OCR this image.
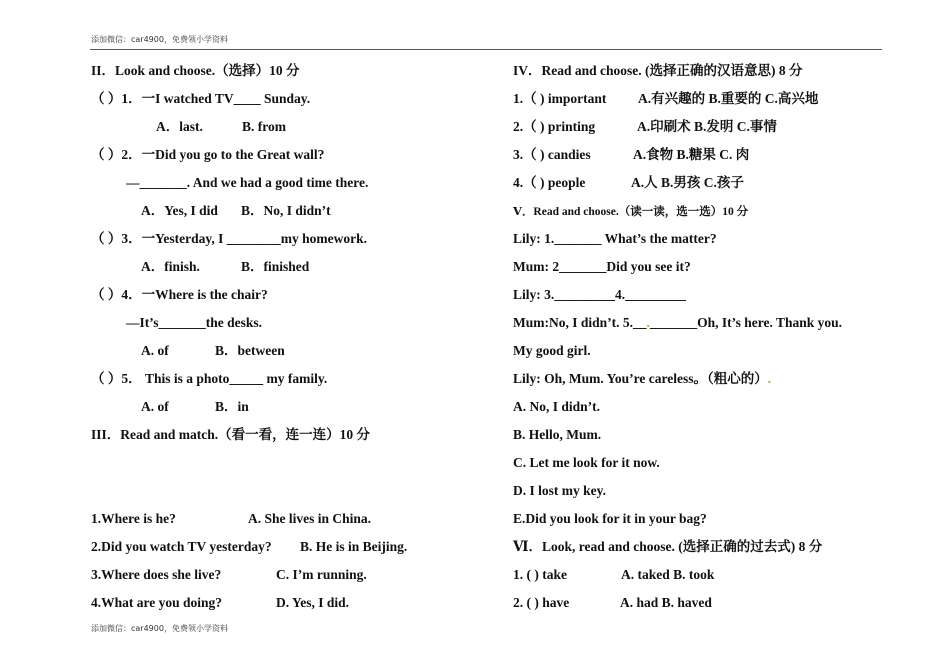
添加微信：car4900，免费领小学资料
II．Look and choose.（选择）10 分
（ ）1．一I watched TV____ Sunday.
A．last.	B. from
（ ）2．一Did you go to the Great wall?
—_______. And we had a good time there.
A．Yes, I did B．No, I didn’t
（ ）3．一Yesterday, I ________my homework.
A．finish.	B．finished
（ ）4．一Where is the chair?
—It’s_______the desks.
A. of	B．between
（ ）5． This is a photo_____ my family.
A. of	B．in
III．Read and match.（看一看，连一连）10 分
1.Where is he?	A. She lives in China.
2.Did you watch TV yesterday? B. He is in Beijing.
3.Where does she live?	C. I’m running.
4.What are you doing?	D. Yes, I did.
IV．Read and choose. (选择正确的汉语意思) 8 分
1.（ ) important A.有兴趣的 B.重要的 C.高兴地
2.（ ) printing	A.印刷术 B.发明 C.事情
3.（ ) candies	A.食物 B.糖果 C. 肉
4.（ ) people	A.人 B.男孩 C.孩子
Ⅴ．Read and choose.（读一读，选一选）10 分
Lily: 1._______ What’s the matter?
Mum: 2_______Did you see it?
Lily: 3._________4._________
Mum:No, I didn’t. 5.__._______Oh, It’s here. Thank you.
My good girl.
Lily: Oh, Mum. You’re careless。（粗心的）.
A. No, I didn’t.
B. Hello, Mum.
C. Let me look for it now.
D. I lost my key.
E.Did you look for it in your bag?
Ⅵ．Look, read and choose. (选择正确的过去式) 8 分
1. ( ) take	A. taked B. took
2. ( ) have	A. had B. haved
添加微信：car4900，免费领小学资料
